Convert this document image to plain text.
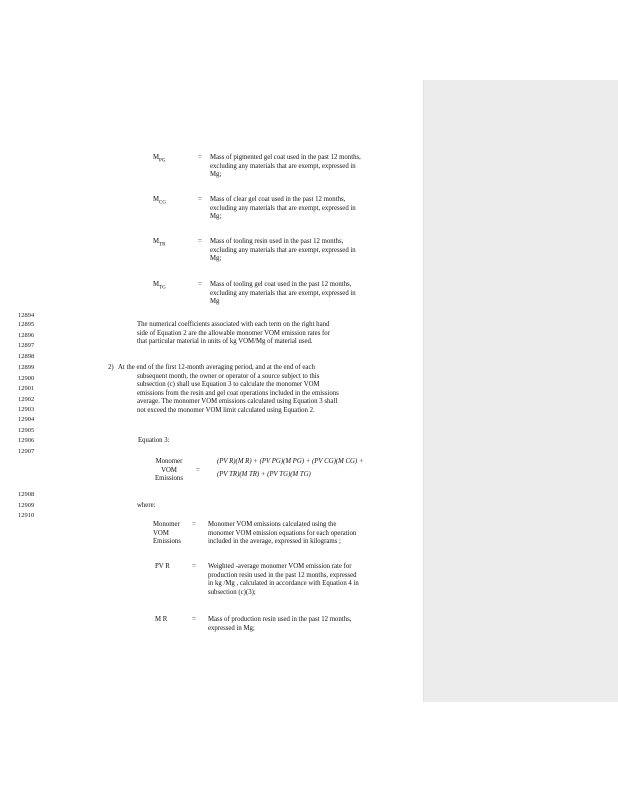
12894
12895
12896
12897
12898
12899
12900
12901
12902
12903
12904
12905
12906
12907
12908
12909
12910
$M_{PG}$	= Mass of pigmented gel coat used in the past 12 months,
excluding any materials that are exempt, expressed in
Mg;
$M_{CG}$	= Mass of clear gel coat used in the past 12 months,
excluding any materials that are exempt, expressed in
Mg;
$M_{TR}$	= Mass of tooling resin used in the past 12 months,
excluding any materials that are exempt, expressed in
Mg;
$M_{TG}$	= Mass of tooling gel coat used in the past 12 months,
excluding any materials that are exempt, expressed in
Mg
The numerical coefficients associated with each term on the right hand
side of Equation 2 are the allowable monomer VOM emission rates for
that particular material in units of kg VOM/Mg of material used.
2) At the end of the first 12-month averaging period, and at the end of each
subsequent month, the owner or operator of a source subject to this
subsection (c) shall use Equation 3 to calculate the monomer VOM
emissions from the resin and gel coat operations included in the emissions
average. The monomer VOM emissions calculated using Equation 3 shall
not exceed the monomer VOM limit calculated using Equation 2.
Equation 3:
Monomer
VOM
Emissions
=
(PV R)(M R) + (PV PG)(M PG) + (PV CG)(M CG) +
(PV TR)(M TR) + (PV TG)(M TG)
where:
Monomer
VOM
Emissions
= Monomer VOM emissions calculated using the
monomer VOM emission equations for each operation
included in the average, expressed in kilograms ;
PV R	= Weighted -average monomer VOM emission rate for
production resin used in the past 12 months, expressed
in kg /Mg , calculated in accordance with Equation 4 in
subsection (c)(3);
M R	= Mass of production resin used in the past 12 months,
expressed in Mg;
